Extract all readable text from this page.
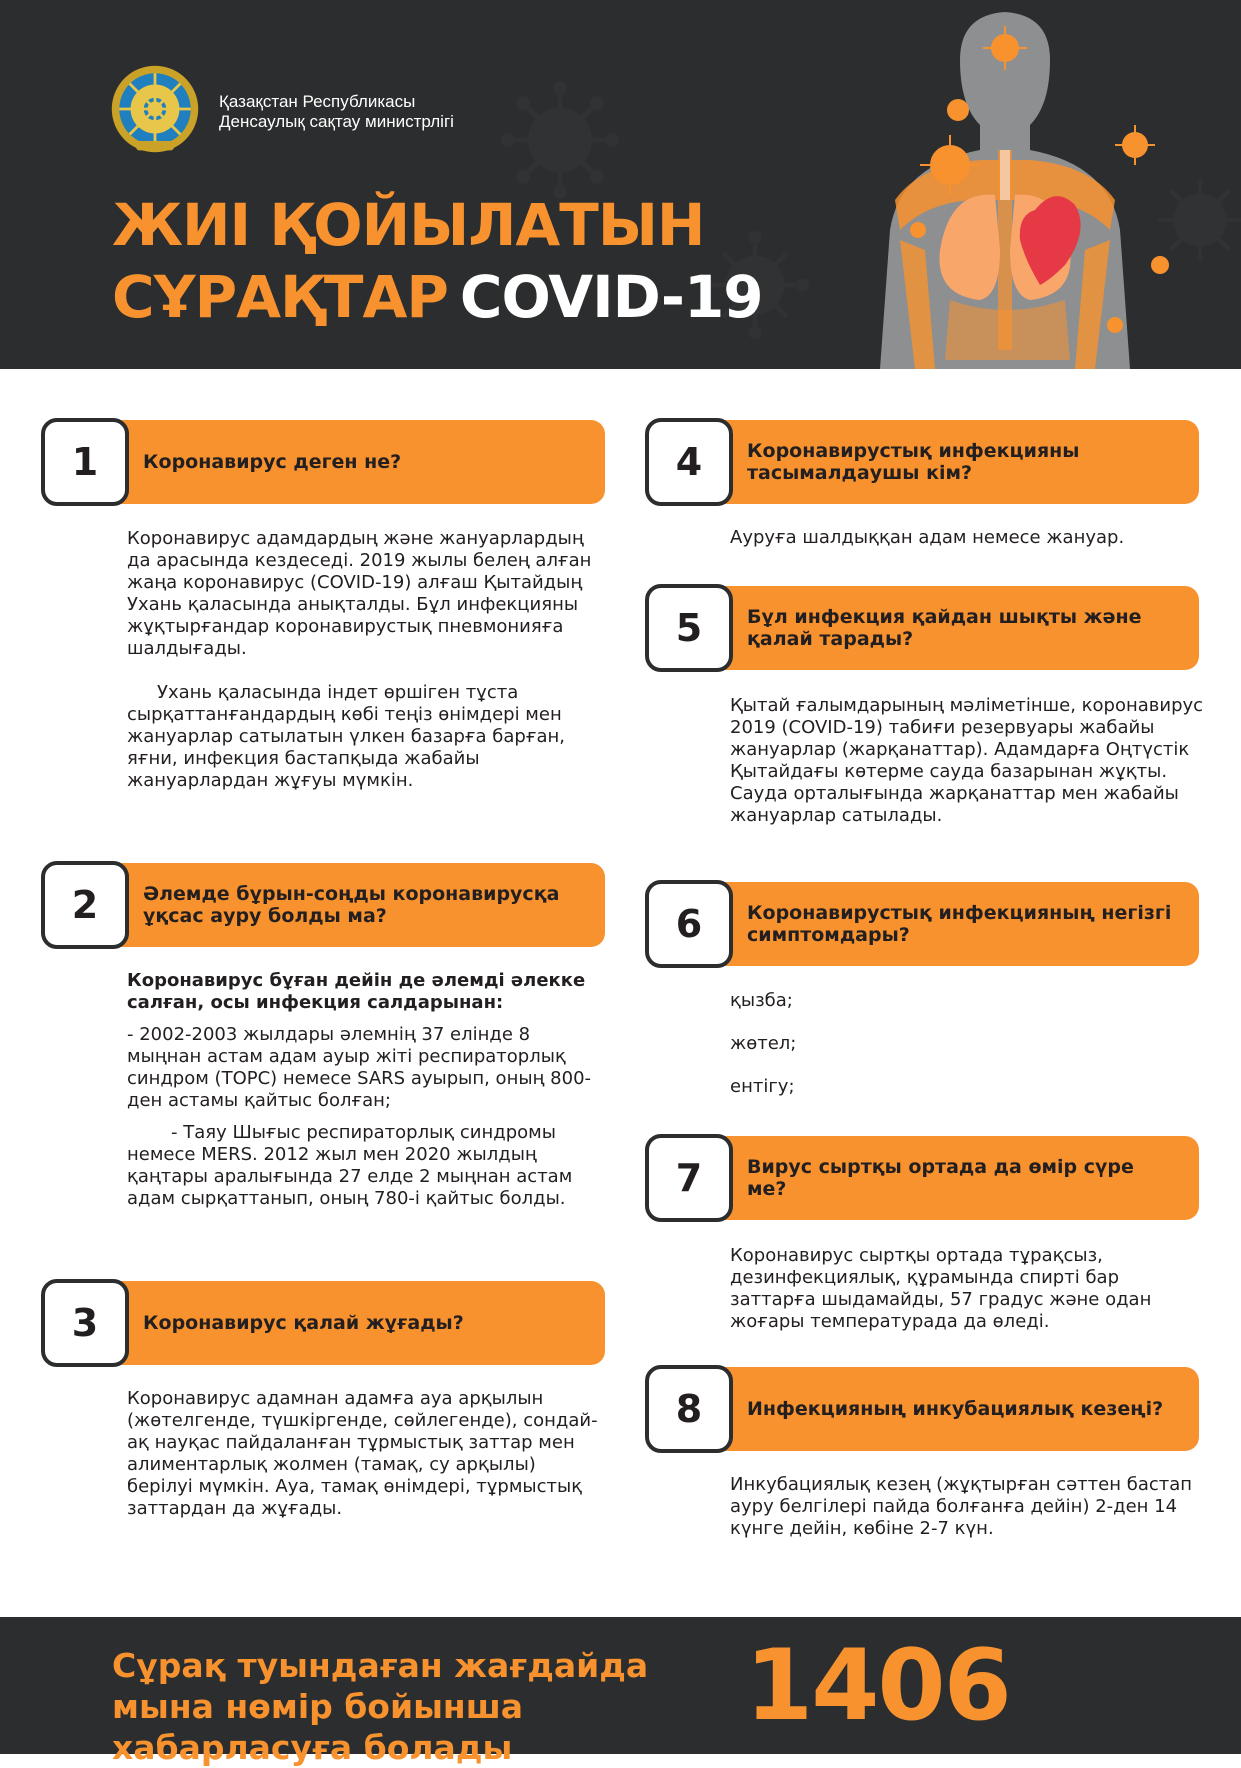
Қазақстан Республикасы
Денсаулық сақтау министрлігі
ЖИІ ҚОЙЫЛАТЫН
СҰРАҚТАР COVID-19
1	Коронавирус деген не?

Коронавирус адамдардың және жануарлардың да арасында кездеседі. 2019 жылы белең алған жаңа коронавирус (COVID-19) алғаш Қытайдың Ухань қаласында анықталды. Бұл инфекцияны жұқтырғандар коронавирустық пневмонияға шалдығады.

Ухань қаласында індет өршіген тұста сырқаттанғандардың көбі теңіз өнімдері мен жануарлар сатылатын үлкен базарға барған, яғни, инфекция бастапқыда жабайы жануарлардан жұғуы мүмкін.

2	Әлемде бұрын-соңды коронавирусқа ұқсас ауру болды ма?

Коронавирус бұған дейін де әлемді әлекке салған, осы инфекция салдарынан:

- 2002-2003 жылдары әлемнің 37 елінде 8 мыңнан астам адам ауыр жіті респираторлық синдром (ТОРС) немесе SARS ауырып, оның 800-ден астамы қайтыс болған;

- Таяу Шығыс респираторлық синдромы немесе MERS. 2012 жыл мен 2020 жылдың қаңтары аралығында 27 елде 2 мыңнан астам адам сырқаттанып, оның 780-і қайтыс болды.

3	Коронавирус қалай жұғады?

Коронавирус адамнан адамға ауа арқылын (жөтелгенде, түшкіргенде, сөйлегенде), сондай-ақ науқас пайдаланған тұрмыстық заттар мен алиментарлық жолмен (тамақ, су арқылы) берілуі мүмкін. Ауа, тамақ өнімдері, тұрмыстық заттардан да жұғады.

4	Коронавирустық инфекцияны тасымалдаушы кім?

Ауруға шалдыққан адам немесе жануар.

5	Бұл инфекция қайдан шықты және қалай тарады?

Қытай ғалымдарының мәліметінше, коронавирус 2019 (COVID-19) табиғи резервуары жабайы жануарлар (жарқанаттар). Адамдарға Оңтүстік Қытайдағы көтерме сауда базарынан жұқты. Сауда орталығында жарқанаттар мен жабайы жануарлар сатылады.

6	Коронавирустық инфекцияның негізгі симптомдары?

қызба;

жөтел;

ентігу;

7	Вирус сыртқы ортада да өмір сүре ме?

Коронавирус сыртқы ортада тұрақсыз, дезинфекциялық, құрамында спирті бар заттарға шыдамайды, 57 градус және одан жоғары температурада да өледі.

8	Инфекцияның инкубациялық кезеңі?

Инкубациялық кезең (жұқтырған сәттен бастап ауру белгілері пайда болғанға дейін) 2-ден 14 күнге дейін, көбіне 2-7 күн.

Сұрақ туындаған жағдайда мына нөмір бойынша хабарласуға болады
1406
